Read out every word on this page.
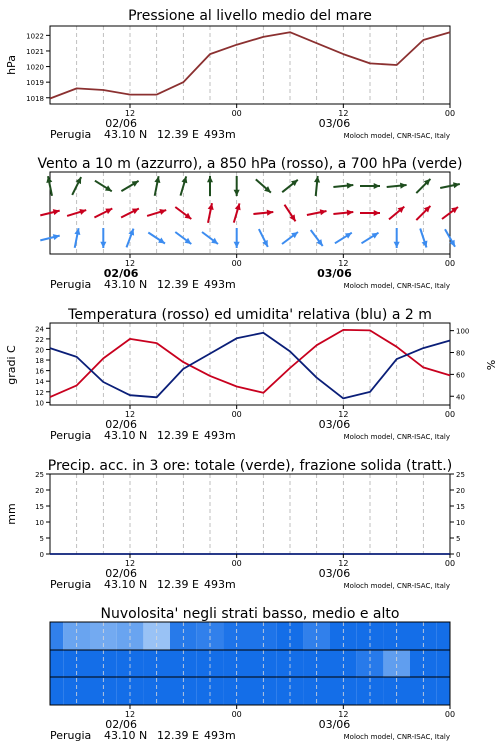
Pressione al livello medio del mare
hPa
1018
1019
1020
1021
1022
12	00	12	00
02/06	03/06
Perugia 43.10 N 12.39 E 493m	Moloch model, CNR-ISAC, Italy
Vento a 10 m (azzurro), a 850 hPa (rosso), a 700 hPa (verde)
12	00	12	00
02/06	03/06
Perugia 43.10 N 12.39 E 493m	Moloch model, CNR-ISAC, Italy
Temperatura (rosso) ed umidita' relativa (blu) a 2 m
gradi C	%
10
12
14
16
18
20
22
24
40
60
80
100
12	00	12	00
02/06	03/06
Perugia 43.10 N 12.39 E 493m	Moloch model, CNR-ISAC, Italy
Precip. acc. in 3 ore: totale (verde), frazione solida (tratt.)
mm
0
5
10
15
20
25
0
5
10
15
20
25
12	00	12	00
02/06	03/06
Perugia 43.10 N 12.39 E 493m	Moloch model, CNR-ISAC, Italy
Nuvolosita' negli strati basso, medio e alto
12	00	12	00
02/06	03/06
Perugia 43.10 N 12.39 E 493m	Moloch model, CNR-ISAC, Italy
